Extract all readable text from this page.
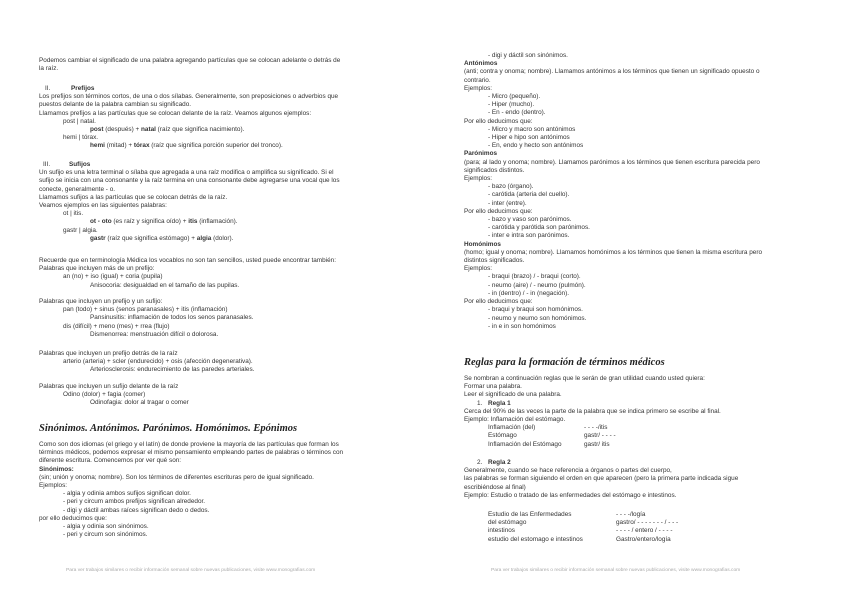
Podemos cambiar el significado de una palabra agregando partículas que se colocan adelante o detrás de
la raíz.
II.	Prefijos
Los prefijos son términos cortos, de una o dos sílabas. Generalmente, son preposiciones o adverbios que
puestos delante de la palabra cambian su significado.
Llamamos prefijos a las partículas que se colocan delante de la raíz. Veamos algunos ejemplos:
post | natal.
post (después) + natal (raíz que significa nacimiento).
hemi | tórax.
hemi (mitad) + tórax (raíz que significa porción superior del tronco).
III.	Sufijos
Un sufijo es una letra terminal o sílaba que agregada a una raíz modifica o amplifica su significado. Si el
sufijo se inicia con una consonante y la raíz termina en una consonante debe agregarse una vocal que los
conecte, generalmente - o.
Llamamos sufijos a las partículas que se colocan detrás de la raíz.
Veamos ejemplos en las siguientes palabras:
ot | itis.
ot - oto (es raíz y significa oído) + itis (inflamación).
gastr | algia.
gastr (raíz que significa estómago) + algia (dolor).
Recuerde que en terminología Médica los vocablos no son tan sencillos, usted puede encontrar también:
Palabras que incluyen más de un prefijo:
an (no) + iso (igual) + coria (pupila)
Anisocoria: desigualdad en el tamaño de las pupilas.
Palabras que incluyen un prefijo y un sufijo:
pan (todo) + sinus (senos paranasales) + itis (inflamación)
Pansinusitis: inflamación de todos los senos paranasales.
dis (difícil) + meno (mes) + rrea (flujo)
Dismenorrea: menstruación difícil o dolorosa.
Palabras que incluyen un prefijo detrás de la raíz
arterio (arteria) + scler (endurecido) + osis (afección degenerativa).
Arteriosclerosis: endurecimiento de las paredes arteriales.
Palabras que incluyen un sufijo delante de la raíz
Odino (dolor) + fagia (comer)
Odinofagia: dolor al tragar o comer
Sinónimos. Antónimos. Parónimos. Homónimos. Epónimos
Como son dos idiomas (el griego y el latín) de donde proviene la mayoría de las partículas que forman los
términos médicos, podemos expresar el mismo pensamiento empleando partes de palabras o términos con
diferente escritura. Comencemos por ver qué son:
Sinónimos:
(sin; unión y onoma; nombre). Son los términos de diferentes escrituras pero de igual significado.
Ejemplos:
- algia y odinia ambos sufijos significan dolor.
- peri y circum ambos prefijos significan alrededor.
- digi y dáctil ambas raíces significan dedo o dedos.
por ello deducimos que:
- algia y odinia son sinónimos.
- peri y circum son sinónimos.
Para ver trabajos similares o recibir información semanal sobre nuevas publicaciones, visite www.monografias.com
- digi y dáctil son sinónimos.
Antónimos
(anti; contra y onoma; nombre). Llamamos antónimos a los términos que tienen un significado opuesto o
contrario.
Ejemplos:
- Micro (pequeño).
- Hiper (mucho).
- En - endo (dentro).
Por ello deducimos que:
- Micro y macro son antónimos
- Hiper e hipo son antónimos
- En, endo y hecto son antónimos
Parónimos
(para; al lado y onoma; nombre). Llamamos parónimos a los términos que tienen escritura parecida pero
significados distintos.
Ejemplos:
- bazo (órgano).
- carótida (arteria del cuello).
- inter (entre).
Por ello deducimos que:
- bazo y vaso son parónimos.
- carótida y parótida son parónimos.
- inter e intra son parónimos.
Homónimos
(homo; igual y onoma; nombre). Llamamos homónimos a los términos que tienen la misma escritura pero
distintos significados.
Ejemplos:
- braqui (brazo) / - braqui (corto).
- neumo (aire) / - neumo (pulmón).
- in (dentro) / - in (negación).
Por ello deducimos que:
- braqui y braqui son homónimos.
- neumo y neumo son homónimos.
- in e in son homónimos
Reglas para la formación de términos médicos
Se nombran a continuación reglas que le serán de gran utilidad cuando usted quiera:
Formar una palabra.
Leer el significado de una palabra.
1. Regla 1
Cerca del 90% de las veces la parte de la palabra que se indica primero se escribe al final.
Ejemplo: Inflamación del estómago.
Inflamación (del)	- - - -/itis
Estómago	gastr/ - - - -
Inflamación del Estómago	gastr/ itis
2. Regla 2
Generalmente, cuando se hace referencia a órganos o partes del cuerpo,
las palabras se forman siguiendo el orden en que aparecen (pero la primera parte indicada sigue
escribiéndose al final)
Ejemplo: Estudio o tratado de las enfermedades del estómago e intestinos.
Estudio de las Enfermedades	- - - -/logía
del estómago	gastro/ - - - - - - - / - - -
intestinos	- - - - / entero / - - - -
estudio del estomago e intestinos	Gastro/entero/logía
Para ver trabajos similares o recibir información semanal sobre nuevas publicaciones, visite www.monografias.com
